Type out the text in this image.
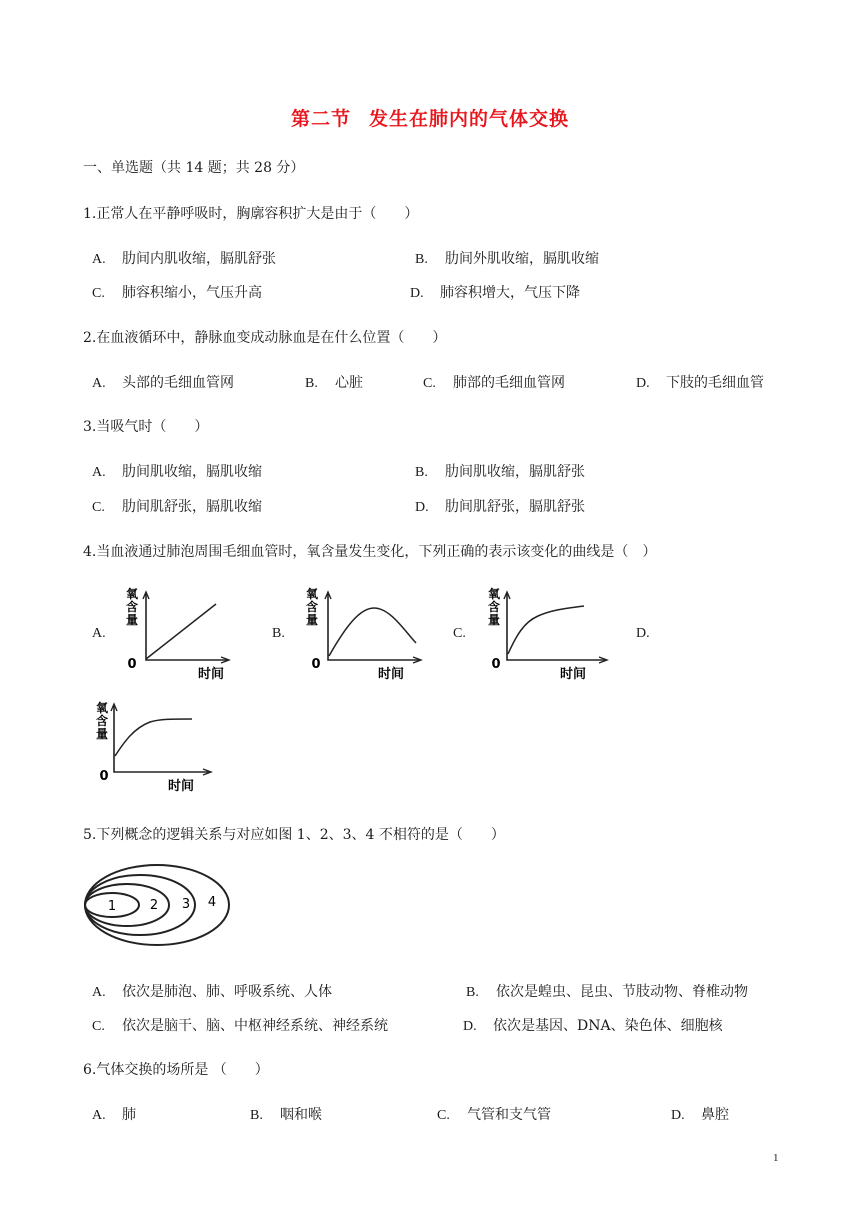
第二节 发生在肺内的气体交换
一、单选题（共 14 题；共 28 分）
1.正常人在平静呼吸时，胸廓容积扩大是由于（　　）
A. 肋间内肌收缩，膈肌舒张	B. 肋间外肌收缩，膈肌收缩
C. 肺容积缩小，气压升高	D. 肺容积增大，气压下降
2.在血液循环中，静脉血变成动脉血是在什么位置（　　）
A. 头部的毛细血管网	B. 心脏	C. 肺部的毛细血管网	D. 下肢的毛细血管
3.当吸气时（　　）
A. 肋间肌收缩，膈肌收缩	B. 肋间肌收缩，膈肌舒张
C. 肋间肌舒张，膈肌收缩	D. 肋间肌舒张，膈肌舒张
4.当血液通过肺泡周围毛细血管时，氧含量发生变化，下列正确的表示该变化的曲线是（　）
A.	B.	C.	D.
氧
含
量
0
时间
氧
含
量
0
时间
氧
含
量
0
时间
氧
含
量
0
时间
5.下列概念的逻辑关系与对应如图 1、2、3、4 不相符的是（　　）
1	2 3 4
A. 依次是肺泡、肺、呼吸系统、人体	B. 依次是蝗虫、昆虫、节肢动物、脊椎动物
C. 依次是脑干、脑、中枢神经系统、神经系统	D. 依次是基因、DNA、染色体、细胞核
6.气体交换的场所是 （　　）
A. 肺	B. 咽和喉	C. 气管和支气管	D. 鼻腔
1
